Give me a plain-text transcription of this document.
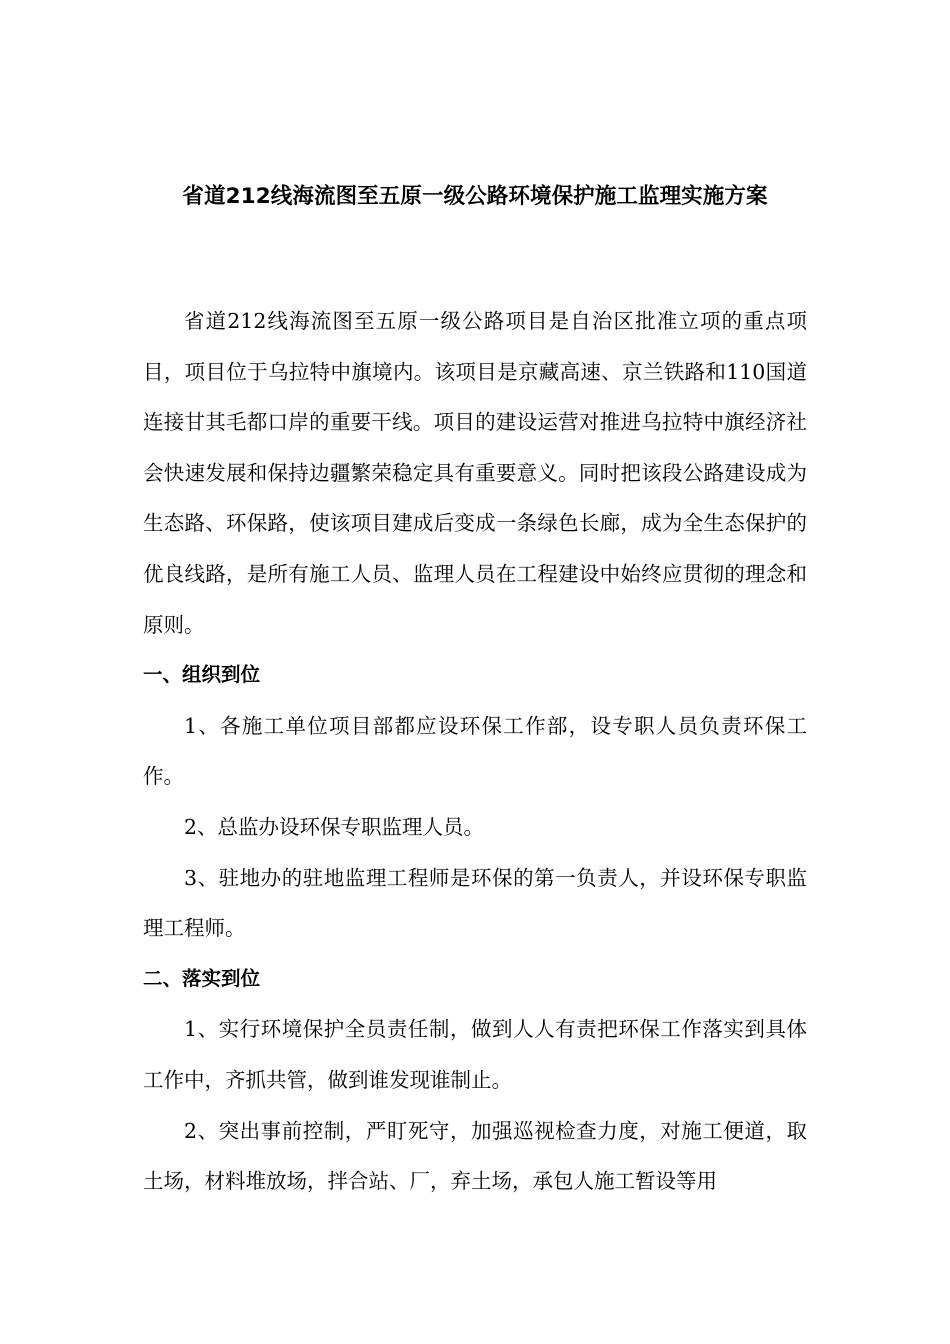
省道212线海流图至五原一级公路环境保护施工监理实施方案

省道212线海流图至五原一级公路项目是自治区批准立项的重点项目，项目位于乌拉特中旗境内。该项目是京藏高速、京兰铁路和110国道连接甘其毛都口岸的重要干线。项目的建设运营对推进乌拉特中旗经济社会快速发展和保持边疆繁荣稳定具有重要意义。同时把该段公路建设成为生态路、环保路，使该项目建成后变成一条绿色长廊，成为全生态保护的优良线路，是所有施工人员、监理人员在工程建设中始终应贯彻的理念和原则。

一、组织到位

1、各施工单位项目部都应设环保工作部，设专职人员负责环保工作。

2、总监办设环保专职监理人员。

3、驻地办的驻地监理工程师是环保的第一负责人，并设环保专职监理工程师。

二、落实到位

1、实行环境保护全员责任制，做到人人有责把环保工作落实到具体工作中，齐抓共管，做到谁发现谁制止。

2、突出事前控制，严盯死守，加强巡视检查力度，对施工便道，取土场，材料堆放场，拌合站、厂，弃土场，承包人施工暂设等用
